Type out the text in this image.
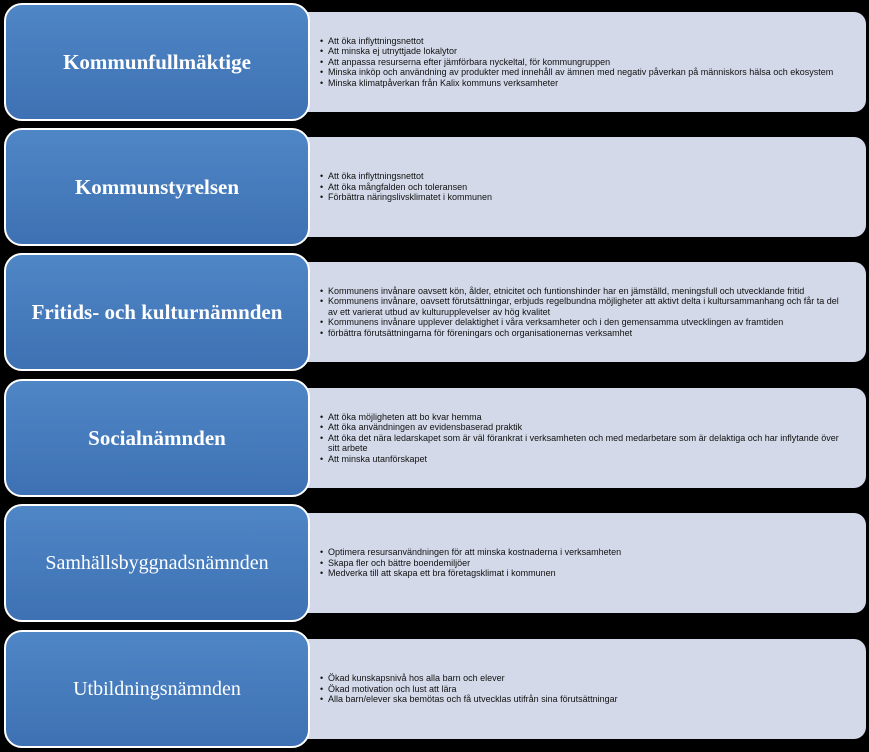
• Att öka inflyttningsnettot
• Att minska ej utnyttjade lokalytor
• Att anpassa resurserna efter jämförbara nyckeltal, för kommungruppen
• Minska inköp och användning av produkter med innehåll av ämnen med negativ påverkan på människors hälsa och ekosystem
• Minska klimatpåverkan från Kalix kommuns verksamheter
Kommunfullmäktige
• Att öka inflyttningsnettot
• Att öka mångfalden och toleransen
• Förbättra näringslivsklimatet i kommunen
Kommunstyrelsen
• Kommunens invånare oavsett kön, ålder, etnicitet och funtionshinder har en jämställd, meningsfull och utvecklande fritid
• Kommunens invånare, oavsett förutsättningar, erbjuds regelbundna möjligheter att aktivt delta i kultursammanhang och får ta del av ett varierat utbud av kulturupplevelser av hög kvalitet
• Kommunens invånare upplever delaktighet i våra verksamheter och i den gemensamma utvecklingen av framtiden
• förbättra förutsättningarna för föreningars och organisationernas verksamhet
Fritids- och kulturnämnden
• Att öka möjligheten att bo kvar hemma
• Att öka användningen av evidensbaserad praktik
• Att öka det nära ledarskapet som är väl förankrat i verksamheten och med medarbetare som är delaktiga och har inflytande över sitt arbete
• Att minska utanförskapet
Socialnämnden
• Optimera resursanvändningen för att minska kostnaderna i verksamheten
• Skapa fler och bättre boendemiljöer
• Medverka till att skapa ett bra företagsklimat i kommunen
Samhällsbyggnadsnämnden
• Ökad kunskapsnivå hos alla barn och elever
• Ökad motivation och lust att lära
• Alla barn/elever ska bemötas och få utvecklas utifrån sina förutsättningar
Utbildningsnämnden
